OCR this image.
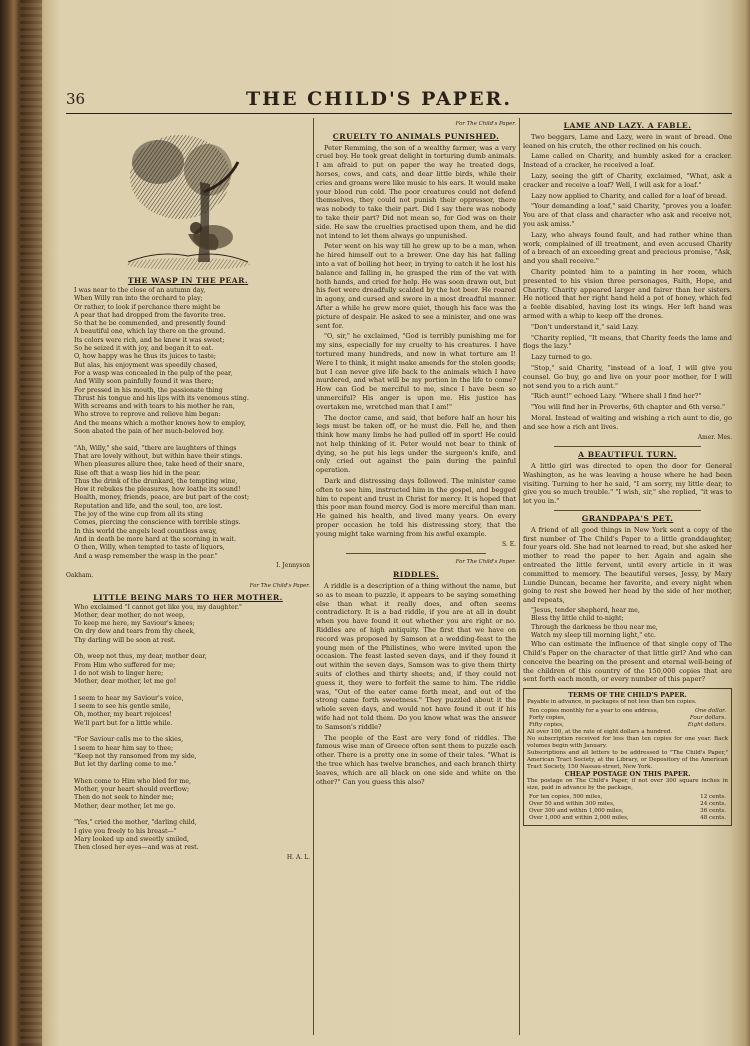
36	THE CHILD'S PAPER.
THE WASP IN THE PEAR.
I was near to the close of an autumn day,
When Willy ran into the orchard to play;
Or rather, to look if perchance there might be
A pear that had dropped from the favorite tree.
So that he be commended, and presently found
A beautiful one, which lay there on the ground.
Its colors were rich, and he knew it was sweet;
So he seized it with joy, and began it to eat.
O, how happy was he thus its juices to taste;
But alas, his enjoyment was speedily chased,
For a wasp was concealed in the pulp of the pear,
And Willy soon painfully found it was there;
For pressed in his mouth, the passionate thing
Thrust his tongue and his lips with its venomous sting.
With screams and with tears to his mother he ran,
Who strove to reprove and relieve him began:
And the means which a mother knows how to employ,
Soon abated the pain of her much-beloved boy.

"Ah, Willy," she said, "there are laughters of things
That are lovely without, but within have their stings.
When pleasures allure thee, take heed of their snare,
Rise oft that a wasp lies hid in the pear.
Thus the drink of the drunkard, the tempting wine,
How it rebukes the pleasures, how loathe its sound!
Health, money, friends, peace, are but part of the cost;
Reputation and life, and the soul, too, are lost.
The joy of the wine cup from all its sting
Comes, piercing the conscience with terrible stings.
In this world the angels lead countless away,
And in death be more hard at the scorning in wait.
O then, Willy, when tempted to taste of liquors,
And a wasp remember the wasp in the pear."
I. Jennyson
Oakham.
For The Child's Paper.
LITTLE BEING MARS TO HER MOTHER.
Who exclaimed "I cannot get like you, my daughter."
Mother, dear mother, do not weep,
To keep me here, my Saviour's knees;
On dry dew and tears from thy cheek,
Thy darling will be soon at rest.

Oh, weep not thus, my dear, mother dear,
From Him who suffered for me;
I do not wish to linger here;
Mother, dear mother, let me go!

I seem to hear my Saviour's voice,
I seem to see his gentle smile,
Oh, mother, my heart rejoices!
We'll part but for a little while.

"For Saviour calls me to the skies,
I seem to hear him say to thee;
"Keep not thy ransomed from my side,
But let thy darling come to me."

When come to Him who bled for me,
Mother, your heart should overflow;
Then do not seek to hinder me;
Mother, dear mother, let me go.

"Yes," cried the mother, "darling child,
I give you freely to his breast—"
Mary looked up and sweetly smiled,
Then closed her eyes—and was at rest.
H. A. L.
For The Child's Paper.
CRUELTY TO ANIMALS PUNISHED.

Peter Remming, the son of a wealthy farmer, was a very cruel boy. He took great delight in torturing dumb animals. I am afraid to put on paper the way he treated dogs, horses, cows, and cats, and dear little birds, while their cries and groans were like music to his ears. It would make your blood run cold. The poor creatures could not defend themselves, they could not punish their oppressor, there was nobody to take their part. Did I say there was nobody to take their part? Did not mean so, for God was on their side. He saw the cruelties practised upon them, and he did not intend to let them always go unpunished.

Peter went on his way till he grew up to be a man, when he hired himself out to a brewer. One day his hat falling into a vat of boiling hot beer, in trying to catch it he lost his balance and falling in, he grasped the rim of the vat with both hands, and cried for help. He was soon drawn out, but his feet were dreadfully scalded by the hot beer. He roared in agony, and cursed and swore in a most dreadful manner. After a while he grew more quiet, though his face was the picture of despair. He asked to see a minister, and one was sent for.

"O, sir," he exclaimed, "God is terribly punishing me for my sins, especially for my cruelty to his creatures. I have tortured many hundreds, and now in what torture am I! Were I to think, it might make amends for the stolen goods; but I can never give life back to the animals which I have murdered, and what will be my portion in the life to come? How can God be merciful to me, since I have been so unmerciful? His anger is upon me. His justice has overtaken me, wretched man that I am!"

The doctor came, and said, that before half an hour his legs must be taken off, or he must die. Fell he, and then think how many limbs he had pulled off in sport! He could not help thinking of it. Peter would not bear to think of dying, so he put his legs under the surgeon's knife, and only cried out against the pain during the painful operation.

Dark and distressing days followed. The minister came often to see him, instructed him in the gospel, and begged him to repent and trust in Christ for mercy. It is hoped that this poor man found mercy. God is more merciful than man. He gained his health, and lived many years. On every proper occasion he told his distressing story, that the young might take warning from his awful example.

S. E.
For The Child's Paper.
RIDDLES.

A riddle is a description of a thing without the name, but so as to mean to puzzle, it appears to be saying something else than what it really does, and often seems contradictory. It is a bad riddle, if you are at all in doubt when you have found it out whether you are right or no. Riddles are of high antiquity. The first that we have on record was proposed by Samson at a wedding-feast to the young men of the Philistines, who were invited upon the occasion. The feast lasted seven days, and if they found it out within the seven days, Samson was to give them thirty suits of clothes and thirty sheets; and, if they could not guess it, they were to forfeit the same to him. The riddle was, "Out of the eater came forth meat, and out of the strong came forth sweetness." They puzzled about it the whole seven days, and would not have found it out if his wife had not told them. Do you know what was the answer to Samson's riddle?

The people of the East are very fond of riddles. The famous wise man of Greece often sent them to puzzle each other. There is a pretty one in some of their tales. "What is the tree which has twelve branches, and each branch thirty leaves, which are all black on one side and white on the other?" Can you guess this also?

LAME AND LAZY. A FABLE.

Two beggars, Lame and Lazy, were in want of bread. One leaned on his crutch, the other reclined on his couch.

Lame called on Charity, and humbly asked for a cracker. Instead of a cracker, he received a loaf.

Lazy, seeing the gift of Charity, exclaimed, "What, ask a cracker and receive a loaf? Well, I will ask for a loaf."

Lazy now applied to Charity, and called for a loaf of bread.

"Your demanding a loaf," said Charity, "proves you a loafer. You are of that class and character who ask and receive not, you ask amiss."

Lazy, who always found fault, and had rather whine than work, complained of ill treatment, and even accused Charity of a breach of an exceeding great and precious promise, "Ask, and you shall receive."

Charity pointed him to a painting in her room, which presented to his vision three personages, Faith, Hope, and Charity. Charity appeared larger and fairer than her sisters. He noticed that her right hand held a pot of honey, which fed a feeble disabled, having lost its wings. Her left hand was armed with a whip to keep off the drones.

"Don't understand it," said Lazy.

"Charity replied, "It means, that Charity feeds the lame and flogs the lazy."

Lazy turned to go.

"Stop," said Charity, "instead of a loaf, I will give you counsel. Go buy, go and live on your poor mother, for I will not send you to a rich aunt."

"Rich aunt!" echoed Lazy. "Where shall I find her?"

"You will find her in Proverbs, 6th chapter and 6th verse."

Moral. Instead of waiting and wishing a rich aunt to die, go and see how a rich ant lives.

Amer. Mes.
A BEAUTIFUL TURN.

A little girl was directed to open the door for General Washington, as he was leaving a house where he had been visiting. Turning to her he said, "I am sorry, my little dear, to give you so much trouble." "I wish, sir," she replied, "it was to let you in."

GRANDPAPA'S PET.

A friend of all good things in New York sent a copy of the first number of The Child's Paper to a little granddaughter, four years old. She had not learned to read, but she asked her mother to read the paper to her. Again and again she entreated the little fervent, until every article in it was committed to memory. The beautiful verses, Jessy, by Mary Lundie Duncan, became her favorite, and every night when going to rest she bowed her head by the side of her mother, and repeats,

"Jesus, tender shepherd, hear me,
Bless thy little child to-night;
Through the darkness be thou near me,
Watch my sleep till morning light," etc.

Who can estimate the influence of that single copy of The Child's Paper on the character of that little girl? And who can conceive the bearing on the present and eternal well-being of the children of this country of the 150,000 copies that are sent forth each month, or every number of this paper?

TERMS OF THE CHILD'S PAPER.
Payable in advance, in packages of not less than ten copies.
Ten copies monthly for a year to one address,	One dollar.
Forty copies,	Four dollars.
Fifty copies,	Eight dollars.
All over 100, at the rate of eight dollars a hundred.
No subscription received for less than ten copies for one year. Back volumes begin with January.
Subscriptions and all letters to be addressed to "The Child's Paper," American Tract Society, at the Library, or Depository of the American Tract Society, 150 Nassau-street, New York.
CHEAP POSTAGE ON THIS PAPER.
The postage on The Child's Paper, if not over 300 square inches in size, paid in advance by the package,
For ten copies, 500 miles,	12 cents.
Over 50 and within 300 miles,	24 cents.
Over 300 and within 1,000 miles,	36 cents.
Over 1,000 and within 2,000 miles,	48 cents.
